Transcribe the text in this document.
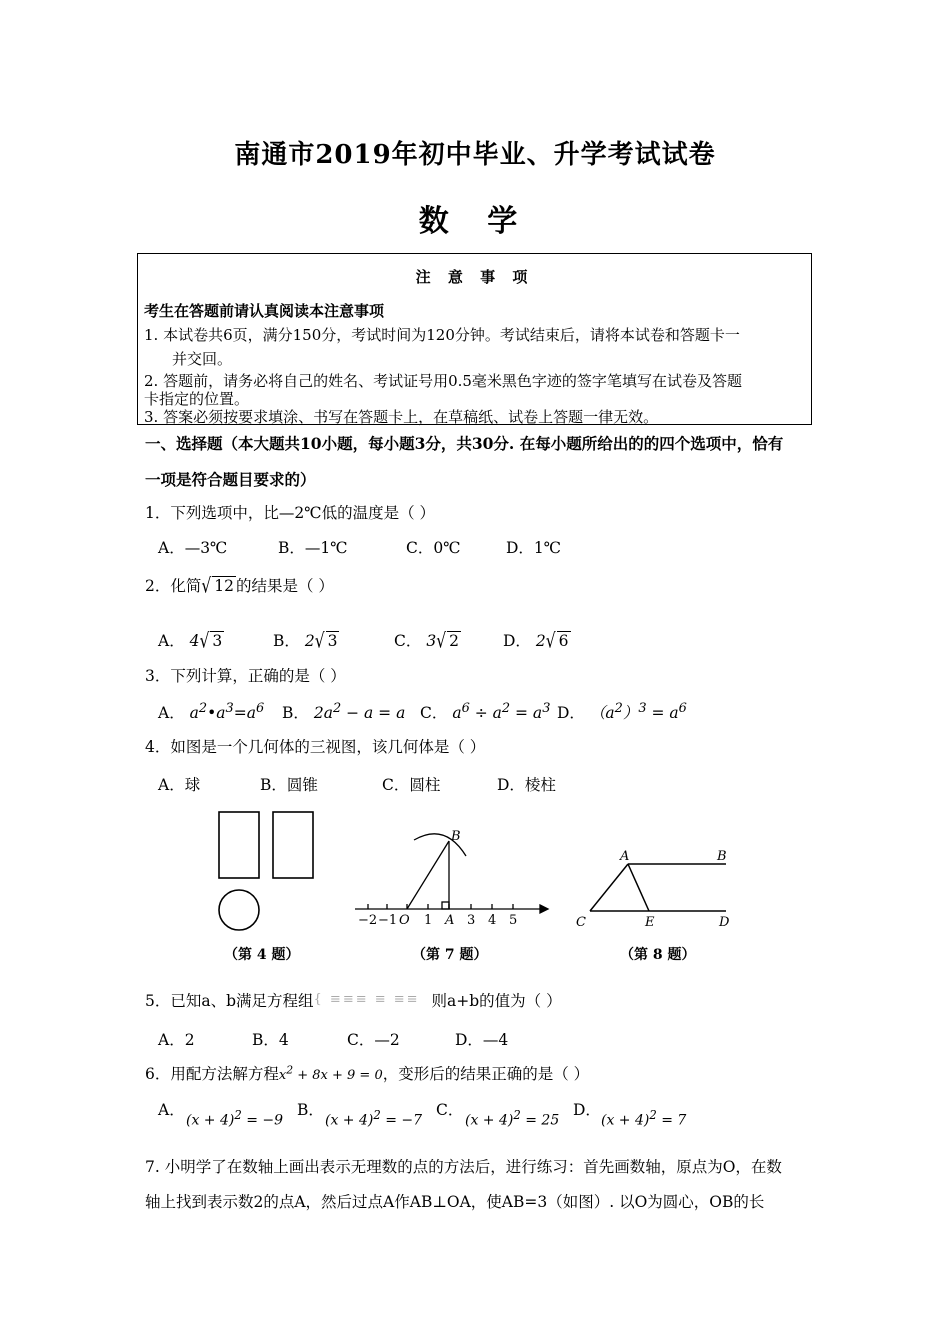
南通市2019年初中毕业、升学考试试卷
数 学
注 意 事 项
考生在答题前请认真阅读本注意事项
1. 本试卷共6页，满分150分，考试时间为120分钟。考试结束后，请将本试卷和答题卡一
并交回。
2. 答题前，请务必将自己的姓名、考试证号用0.5毫米黑色字迹的签字笔填写在试卷及答题
卡指定的位置。
3. 答案必须按要求填涂、书写在答题卡上，在草稿纸、试卷上答题一律无效。
一、选择题（本大题共10小题，每小题3分，共30分. 在每小题所给出的的四个选项中，恰有
一项是符合题目要求的）
1．下列选项中，比—2℃低的温度是（ ）
A．—3℃	B．—1℃	C．0℃	D．1℃
2．化简√ 12 的结果是（ ）
A． 4√ 3	B． 2√ 3	C． 3√ 2	D． 2√ 6
3．下列计算，正确的是（ ）
A． $a^2•a^3=a^6$ B． $2a^2 - a = a$ C． $a^6 \div a^2 = a^3$ D． $(a^2)^3 = a^6$
4．如图是一个几何体的三视图，该几何体是（ ）
A．球	B．圆锥	C．圆柱	D．棱柱
（第 4 题）
B
O	A
−2 −1 1	3 4 5
（第 7 题）
A	B
C	E	D
（第 8 题）
5．已知a、b满足方程组{ ≡≡≡ ≡ ≡≡ 则a+b的值为（ ）
A．2	B．4	C．—2	D．—4
6．用配方法解方程$x^2 + 8x + 9 = 0$，变形后的结果正确的是（ ）
A．
$(x + 4)^2 = -9$
B．
$(x + 4)^2 = -7$
C．
$(x + 4)^2 = 25$
D．
$(x + 4)^2 = 7$
7. 小明学了在数轴上画出表示无理数的点的方法后，进行练习：首先画数轴，原点为O，在数
轴上找到表示数2的点A，然后过点A作AB⊥OA，使AB=3（如图）. 以O为圆心，OB的长
